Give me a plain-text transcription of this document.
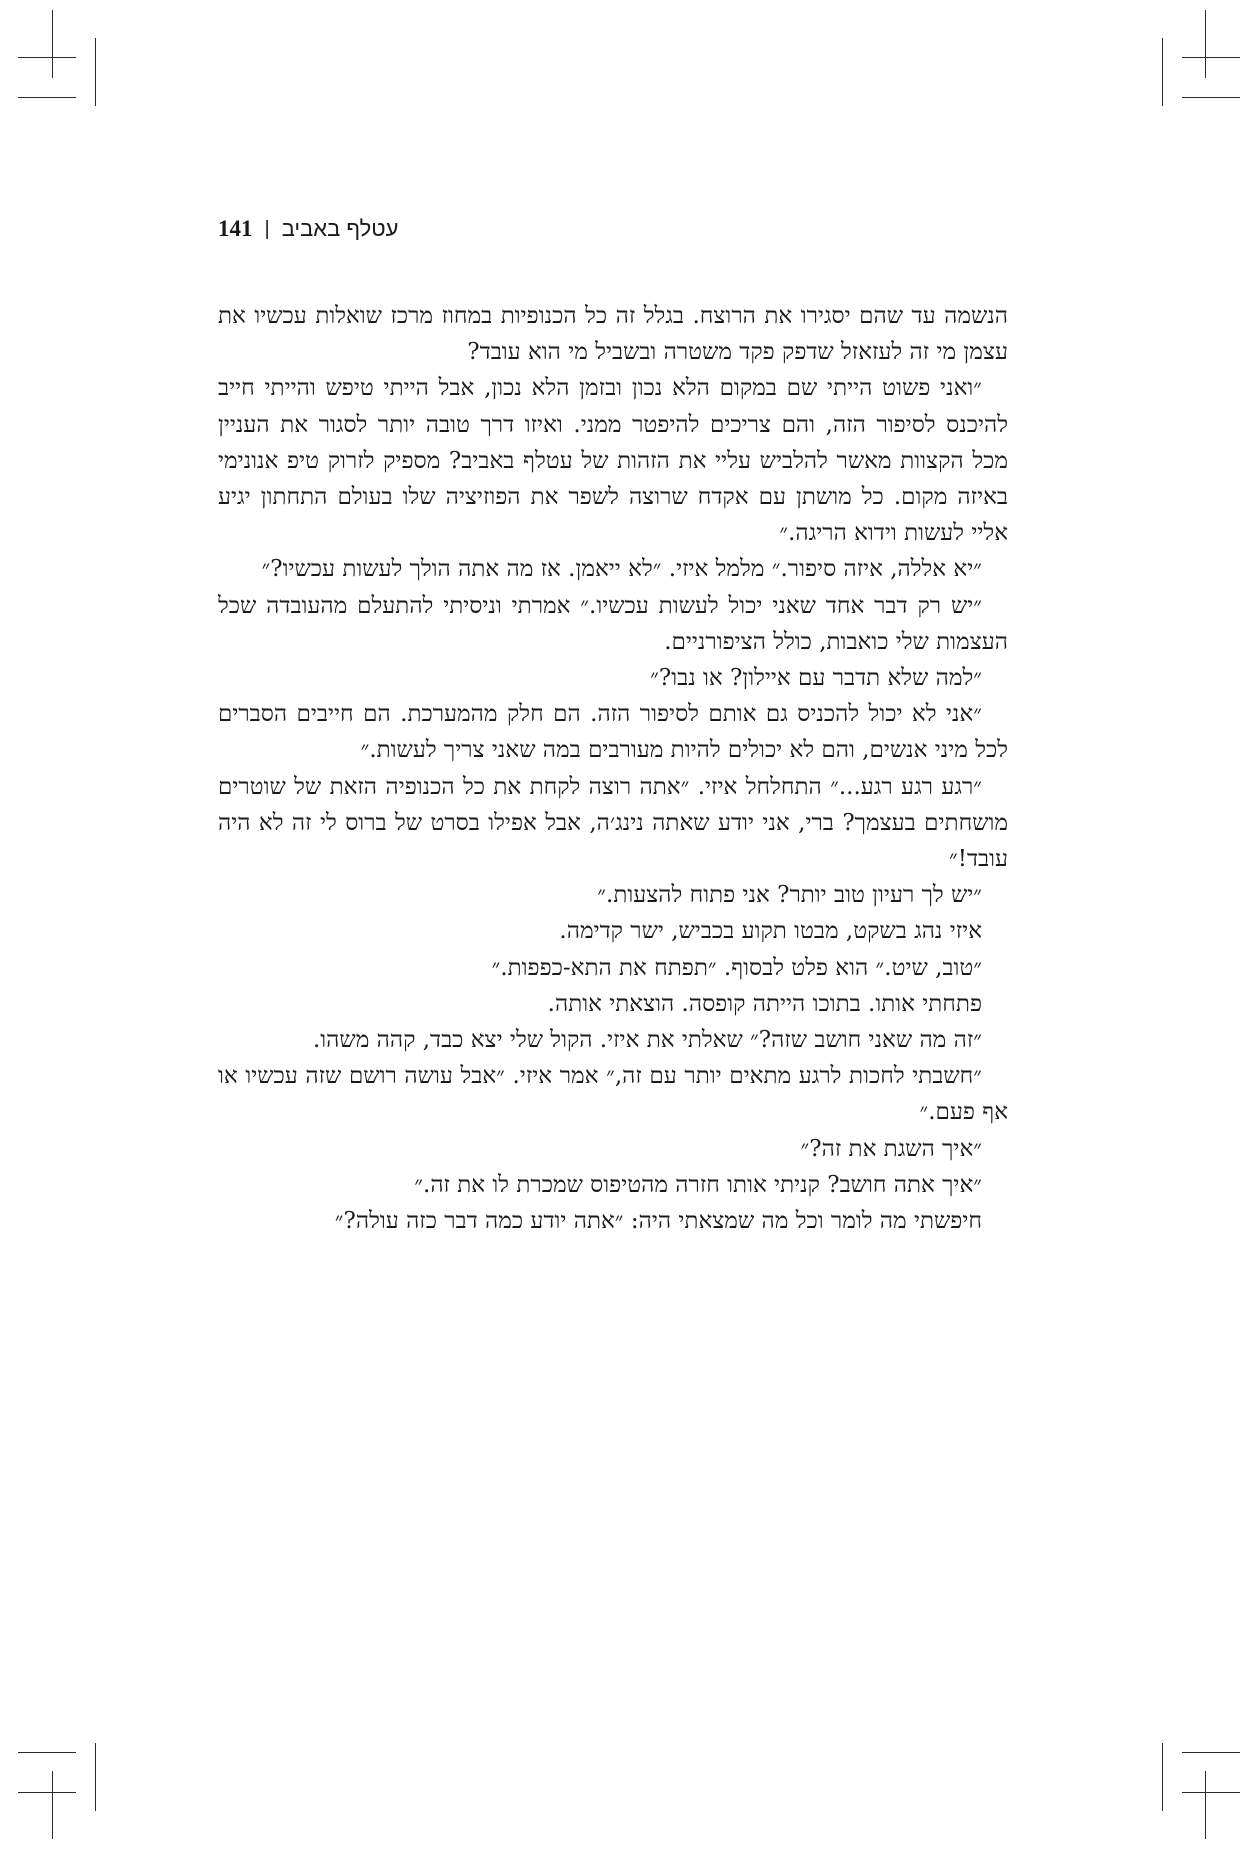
141 | עטלף באביב

הנשמה עד שהם יסגירו את הרוצח. בגלל זה כל הכנופיות במחוז מרכז שואלות עכשיו את עצמן מי זה לעזאזל שדפק פקד משטרה ובשביל מי הוא עובד?

״ואני פשוט הייתי שם במקום הלא נכון ובזמן הלא נכון, אבל הייתי טיפש והייתי חייב להיכנס לסיפור הזה, והם צריכים להיפטר ממני. ואיזו דרך טובה יותר לסגור את העניין מכל הקצוות מאשר להלביש עליי את הזהות של עטלף באביב? מספיק לזרוק טיפ אנונימי באיזה מקום. כל מושתן עם אקדח שרוצה לשפר את הפוזיציה שלו בעולם התחתון יגיע אליי לעשות וידוא הריגה.״

״יא אללה, איזה סיפור.״ מלמל איזי. ״לא ייאמן. אז מה אתה הולך לעשות עכשיו?״

״יש רק דבר אחד שאני יכול לעשות עכשיו.״ אמרתי וניסיתי להתעלם מהעובדה שכל העצמות שלי כואבות, כולל הציפורניים.

״למה שלא תדבר עם איילון? או נבו?״

״אני לא יכול להכניס גם אותם לסיפור הזה. הם חלק מהמערכת. הם חייבים הסברים לכל מיני אנשים, והם לא יכולים להיות מעורבים במה שאני צריך לעשות.״

״רגע רגע רגע...״ התחלחל איזי. ״אתה רוצה לקחת את כל הכנופיה הזאת של שוטרים מושחתים בעצמך? ברי, אני יודע שאתה נינג׳ה, אבל אפילו בסרט של ברוס לי זה לא היה עובד!״

״יש לך רעיון טוב יותר? אני פתוח להצעות.״

איזי נהג בשקט, מבטו תקוע בכביש, ישר קדימה.

״טוב, שיט.״ הוא פלט לבסוף. ״תפתח את התא-כפפות.״

פתחתי אותו. בתוכו הייתה קופסה. הוצאתי אותה.

״זה מה שאני חושב שזה?״ שאלתי את איזי. הקול שלי יצא כבד, קהה משהו.

״חשבתי לחכות לרגע מתאים יותר עם זה,״ אמר איזי. ״אבל עושה רושם שזה עכשיו או אף פעם.״

״איך השגת את זה?״

״איך אתה חושב? קניתי אותו חזרה מהטיפוס שמכרת לו את זה.״

חיפשתי מה לומר וכל מה שמצאתי היה: ״אתה יודע כמה דבר כזה עולה?״
